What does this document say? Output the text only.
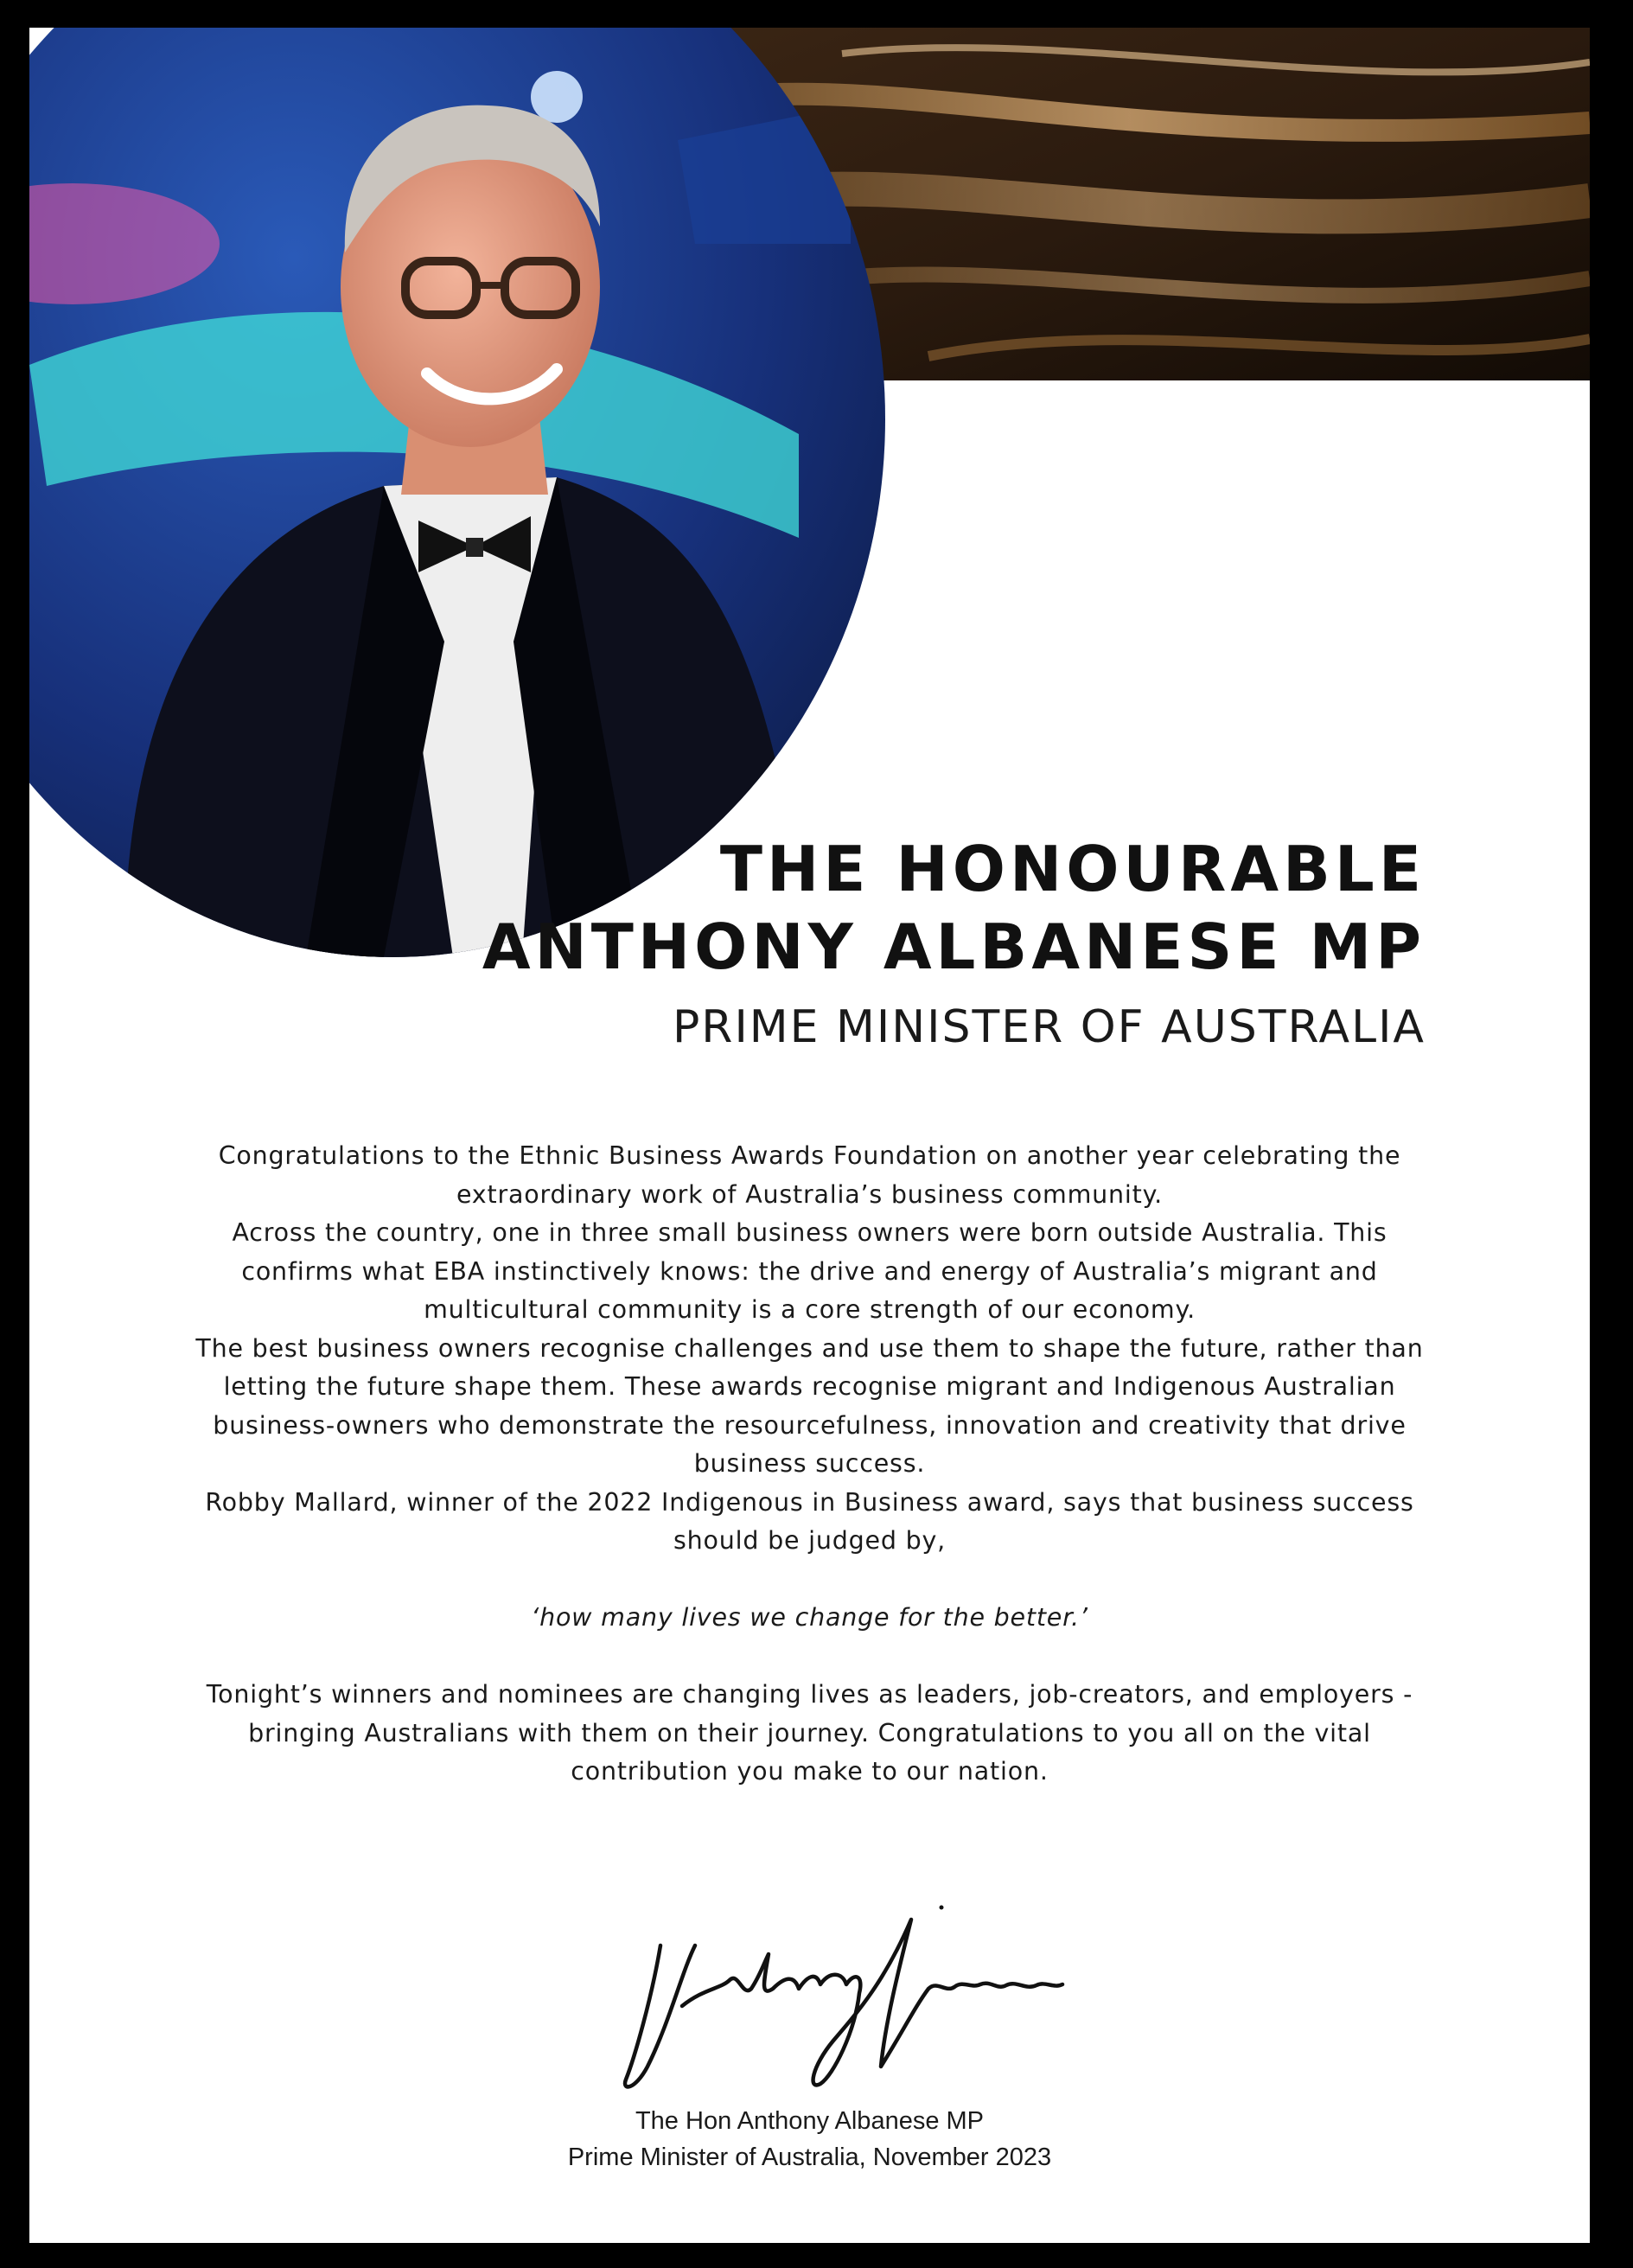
THE HONOURABLE
ANTHONY ALBANESE MP
PRIME MINISTER OF AUSTRALIA

Congratulations to the Ethnic Business Awards Foundation on another year celebrating the extraordinary work of Australia’s business community.

Across the country, one in three small business owners were born outside Australia. This confirms what EBA instinctively knows: the drive and energy of Australia’s migrant and multicultural community is a core strength of our economy.

The best business owners recognise challenges and use them to shape the future, rather than letting the future shape them. These awards recognise migrant and Indigenous Australian business-owners who demonstrate the resourcefulness, innovation and creativity that drive business success.

Robby Mallard, winner of the 2022 Indigenous in Business award, says that business success should be judged by,

‘how many lives we change for the better.’

Tonight’s winners and nominees are changing lives as leaders, job-creators, and employers - bringing Australians with them on their journey. Congratulations to you all on the vital contribution you make to our nation.

The Hon Anthony Albanese MP
Prime Minister of Australia, November 2023
